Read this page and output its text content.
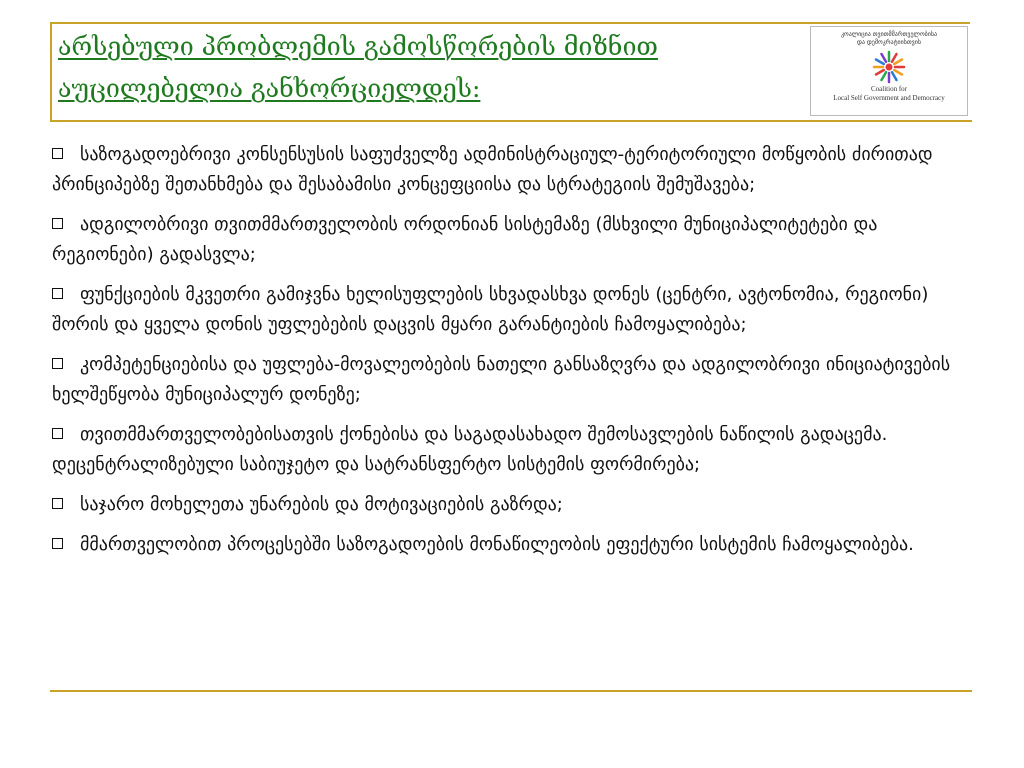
არსებული პრობლემის გამოსწორების მიზნით
აუცილებელია განხორციელდეს:
კოალიცია თვითმმართველობისა
და დემოკრატიისთვის
Coalition for
Local Self Government and Democracy
საზოგადოებრივი კონსენსუსის საფუძველზე ადმინისტრაციულ-ტერიტორიული მოწყობის ძირითად პრინციპებზე შეთანხმება და შესაბამისი კონცეფციისა და სტრატეგიის შემუშავება;
ადგილობრივი თვითმმართველობის ორდონიან სისტემაზე (მსხვილი მუნიციპალიტეტები და რეგიონები) გადასვლა;
ფუნქციების მკვეთრი გამიჯვნა ხელისუფლების სხვადასხვა დონეს (ცენტრი, ავტონომია, რეგიონი) შორის და ყველა დონის უფლებების დაცვის მყარი გარანტიების ჩამოყალიბება;
კომპეტენციებისა და უფლება-მოვალეობების ნათელი განსაზღვრა და ადგილობრივი ინიციატივების ხელშეწყობა მუნიციპალურ დონეზე;
თვითმმართველობებისათვის ქონებისა და საგადასახადო შემოსავლების ნაწილის გადაცემა. დეცენტრალიზებული საბიუჯეტო და სატრანსფერტო სისტემის ფორმირება;
საჯარო მოხელეთა უნარების და მოტივაციების გაზრდა;
მმართველობით პროცესებში საზოგადოების მონაწილეობის ეფექტური სისტემის ჩამოყალიბება.
